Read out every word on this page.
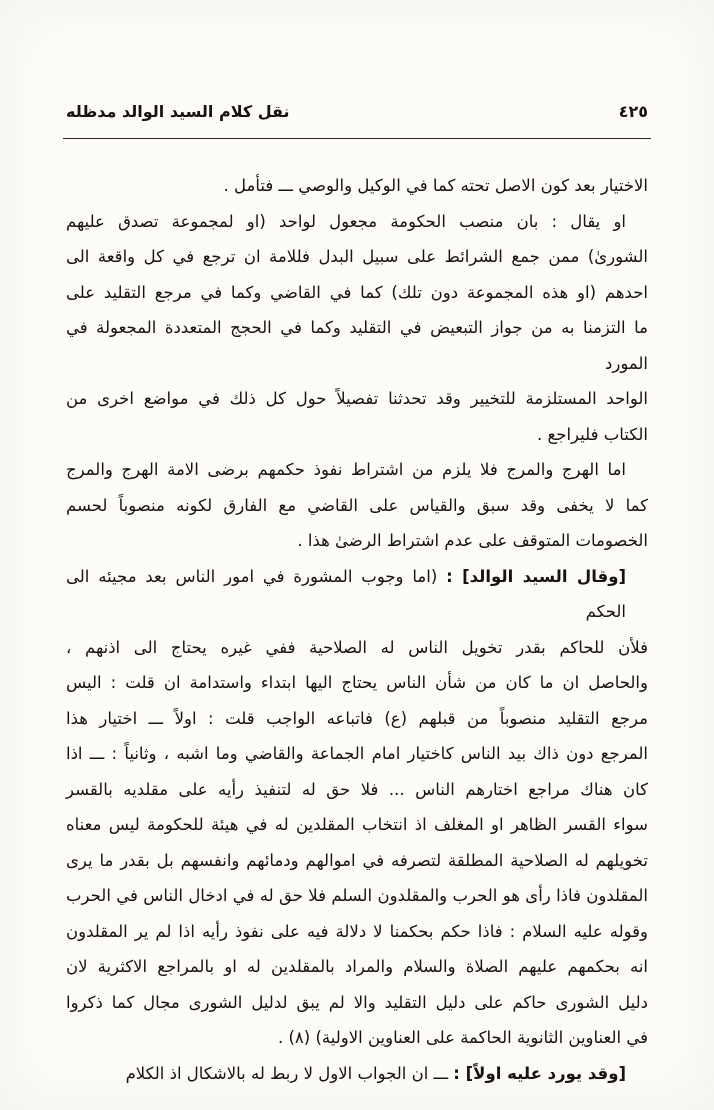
٤٢٥
نقل كلام السيد الوالد مدظله
الاختيار بعد كون الاصل تحته كما في الوكيل والوصي ـــ فتأمل .
او يقال : بان منصب الحكومة مجعول لواحد (او لمجموعة تصدق عليهم
الشورىٰ) ممن جمع الشرائط على سبيل البدل فللامة ان ترجع في كل واقعة الى
احدهم (او هذه المجموعة دون تلك) كما في القاضي وكما في مرجع التقليد على
ما التزمنا به من جواز التبعيض في التقليد وكما في الحجج المتعددة المجعولة في المورد
الواحد المستلزمة للتخيير وقد تحدثنا تفصيلاً حول كل ذلك في مواضع اخرى من
الكتاب فليراجع .
اما الهرج والمرج فلا يلزم من اشتراط نفوذ حكمهم برضى الامة الهرج والمرج
كما لا يخفى وقد سبق والقياس على القاضي مع الفارق لكونه منصوباً لحسم
الخصومات المتوقف على عدم اشتراط الرضىٰ هذا .
[وقال السيد الوالد] : (اما وجوب المشورة في امور الناس بعد مجيئه الى الحكم
فلأن للحاكم بقدر تخويل الناس له الصلاحية ففي غيره يحتاج الى اذنهم ،
والحاصل ان ما كان من شأن الناس يحتاج اليها ابتداء واستدامة ان قلت : اليس
مرجع التقليد منصوباً من قبلهم (ع) فاتباعه الواجب قلت : اولاً ـــ اختيار هذا
المرجع دون ذاك بيد الناس كاختيار امام الجماعة والقاضي وما اشبه ، وثانياً : ـــ اذا
كان هناك مراجع اختارهم الناس ... فلا حق له لتنفيذ رأيه على مقلديه بالقسر
سواء القسر الظاهر او المغلف اذ انتخاب المقلدين له في هيئة للحكومة ليس معناه
تخويلهم له الصلاحية المطلقة لتصرفه في اموالهم ودمائهم وانفسهم بل بقدر ما يرى
المقلدون فاذا رأى هو الحرب والمقلدون السلم فلا حق له في ادخال الناس في الحرب
وقوله عليه السلام : فاذا حكم بحكمنا لا دلالة فيه على نفوذ رأيه اذا لم ير المقلدون
انه بحكمهم عليهم الصلاة والسلام والمراد بالمقلدين له او بالمراجع الاكثرية لان
دليل الشورى حاكم على دليل التقليد والا لم يبق لدليل الشورى مجال كما ذكروا
في العناوين الثانوية الحاكمة على العناوين الاولية) (٨) .
[وقد يورد عليه اولاً] : ـــ ان الجواب الاول لا ربط له بالاشكال اذ الكلام
